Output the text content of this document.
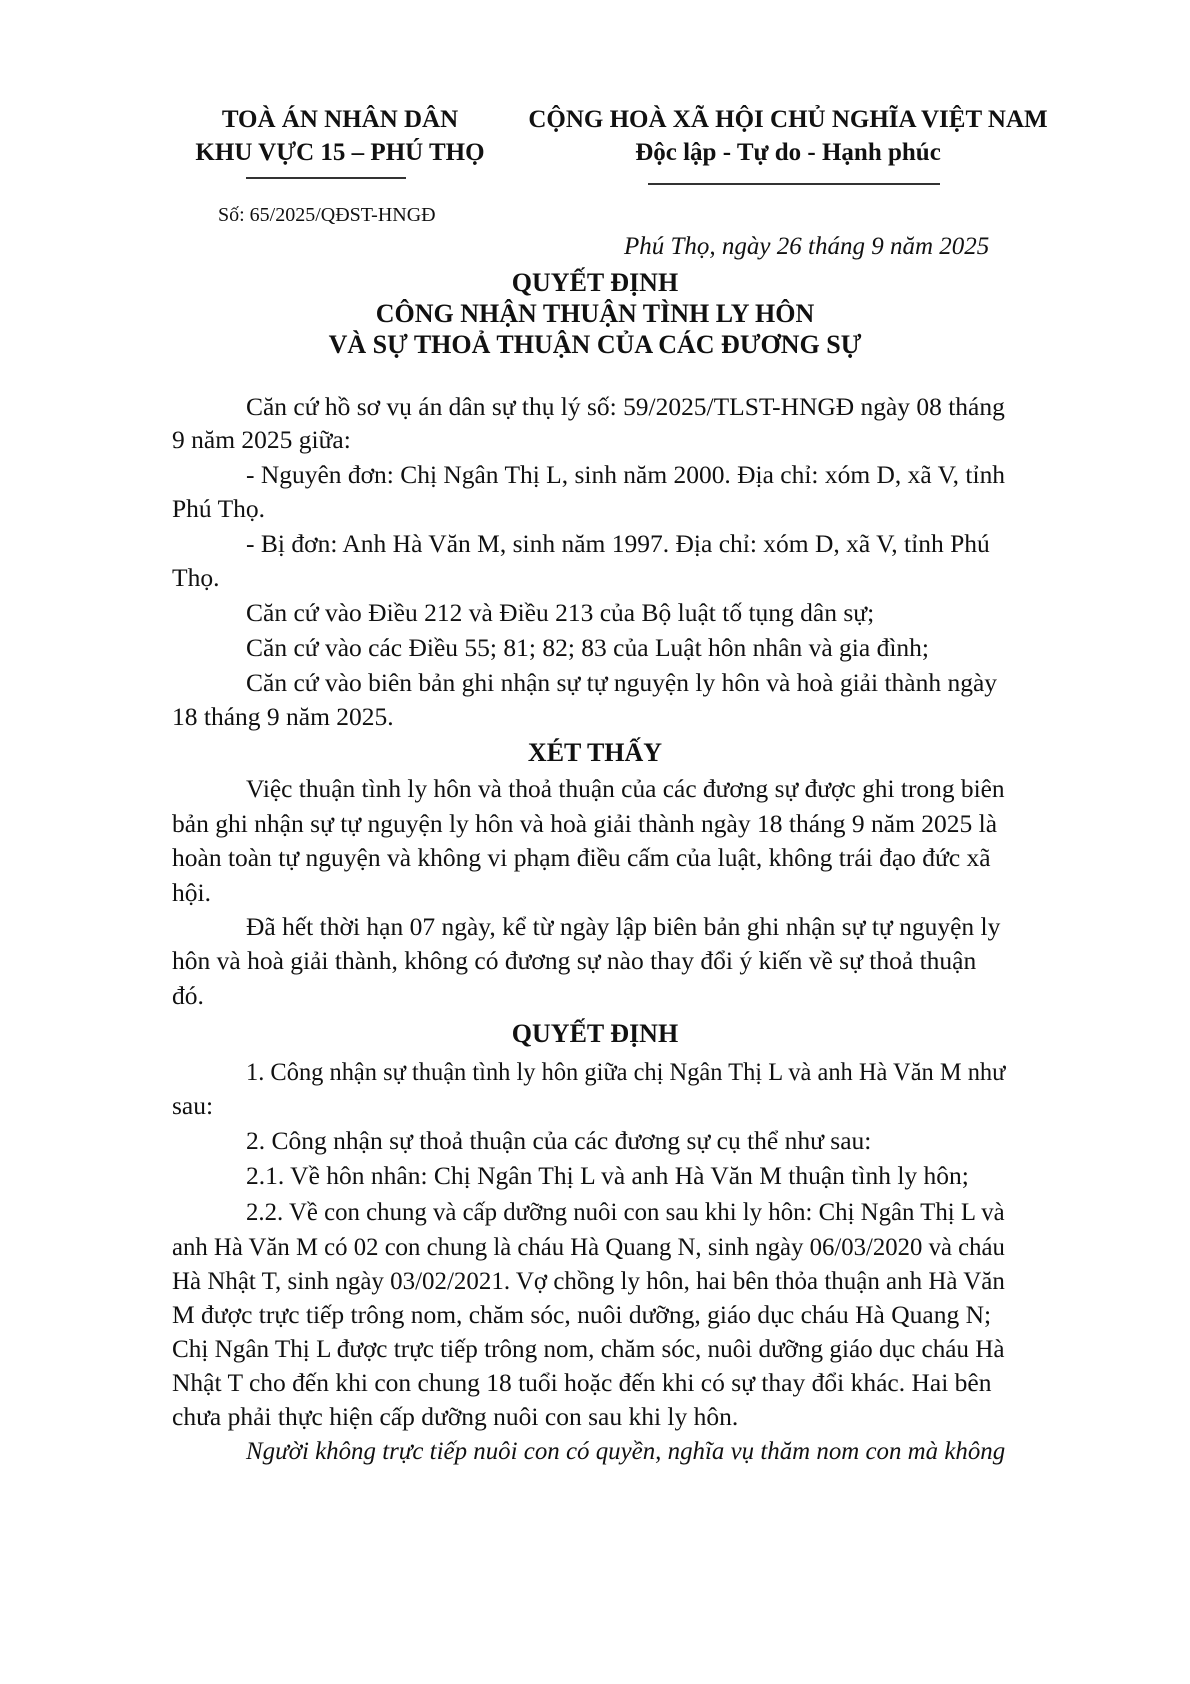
TOÀ ÁN NHÂN DÂN
KHU VỰC 15 – PHÚ THỌ
Số: 65/2025/QĐST-HNGĐ
CỘNG HOÀ XÃ HỘI CHỦ NGHĨA VIỆT NAM
Độc lập - Tự do - Hạnh phúc
Phú Thọ, ngày 26 tháng 9 năm 2025
QUYẾT ĐỊNH
CÔNG NHẬN THUẬN TÌNH LY HÔN
VÀ SỰ THOẢ THUẬN CỦA CÁC ĐƯƠNG SỰ
Căn cứ hồ sơ vụ án dân sự thụ lý số: 59/2025/TLST-HNGĐ ngày 08 tháng
9 năm 2025 giữa:
- Nguyên đơn: Chị Ngân Thị L, sinh năm 2000. Địa chỉ: xóm D, xã V, tỉnh
Phú Thọ.
- Bị đơn: Anh Hà Văn M, sinh năm 1997. Địa chỉ: xóm D, xã V, tỉnh Phú
Thọ.
Căn cứ vào Điều 212 và Điều 213 của Bộ luật tố tụng dân sự;
Căn cứ vào các Điều 55; 81; 82; 83 của Luật hôn nhân và gia đình;
Căn cứ vào biên bản ghi nhận sự tự nguyện ly hôn và hoà giải thành ngày
18 tháng 9 năm 2025.
XÉT THẤY
Việc thuận tình ly hôn và thoả thuận của các đương sự được ghi trong biên
bản ghi nhận sự tự nguyện ly hôn và hoà giải thành ngày 18 tháng 9 năm 2025 là
hoàn toàn tự nguyện và không vi phạm điều cấm của luật, không trái đạo đức xã
hội.
Đã hết thời hạn 07 ngày, kể từ ngày lập biên bản ghi nhận sự tự nguyện ly
hôn và hoà giải thành, không có đương sự nào thay đổi ý kiến về sự thoả thuận
đó.
QUYẾT ĐỊNH
1. Công nhận sự thuận tình ly hôn giữa chị Ngân Thị L và anh Hà Văn M như
sau:
2. Công nhận sự thoả thuận của các đương sự cụ thể như sau:
2.1. Về hôn nhân: Chị Ngân Thị L và anh Hà Văn M thuận tình ly hôn;
2.2. Về con chung và cấp dưỡng nuôi con sau khi ly hôn: Chị Ngân Thị L và
anh Hà Văn M có 02 con chung là cháu Hà Quang N, sinh ngày 06/03/2020 và cháu
Hà Nhật T, sinh ngày 03/02/2021. Vợ chồng ly hôn, hai bên thỏa thuận anh Hà Văn
M được trực tiếp trông nom, chăm sóc, nuôi dưỡng, giáo dục cháu Hà Quang N;
Chị Ngân Thị L được trực tiếp trông nom, chăm sóc, nuôi dưỡng giáo dục cháu Hà
Nhật T cho đến khi con chung 18 tuổi hoặc đến khi có sự thay đổi khác. Hai bên
chưa phải thực hiện cấp dưỡng nuôi con sau khi ly hôn.
Người không trực tiếp nuôi con có quyền, nghĩa vụ thăm nom con mà không
